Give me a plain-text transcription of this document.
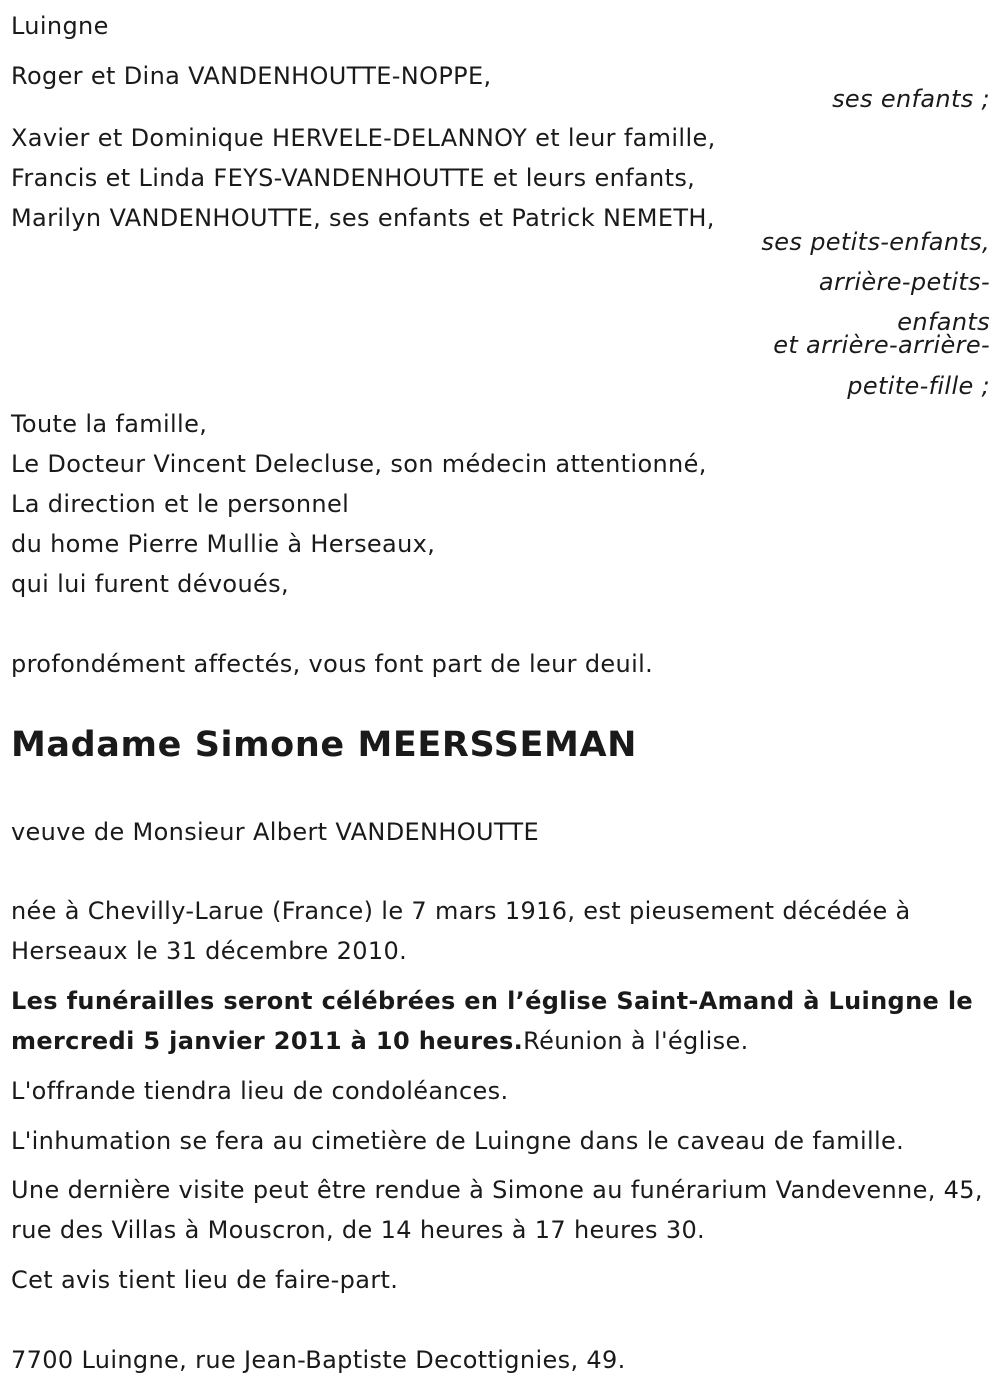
Luingne
Roger et Dina VANDENHOUTTE-NOPPE,
ses enfants ;
Xavier et Dominique HERVELE-DELANNOY et leur famille,
Francis et Linda FEYS-VANDENHOUTTE et leurs enfants,
Marilyn VANDENHOUTTE, ses enfants et Patrick NEMETH,
ses petits-enfants,
arrière-petits-
enfants
et arrière-arrière-
petite-fille ;
Toute la famille,
Le Docteur Vincent Delecluse, son médecin attentionné,
La direction et le personnel
du home Pierre Mullie à Herseaux,
qui lui furent dévoués,
profondément affectés, vous font part de leur deuil.
Madame Simone MEERSSEMAN
veuve de Monsieur Albert VANDENHOUTTE
née à Chevilly-Larue (France) le 7 mars 1916, est pieusement décédée à Herseaux le 31 décembre 2010.
Les funérailles seront célébrées en l’église Saint-Amand à Luingne le mercredi 5 janvier 2011 à 10 heures.Réunion à l'église.
L'offrande tiendra lieu de condoléances.
L'inhumation se fera au cimetière de Luingne dans le caveau de famille.
Une dernière visite peut être rendue à Simone au funérarium Vandevenne, 45, rue des Villas à Mouscron, de 14 heures à 17 heures 30.
Cet avis tient lieu de faire-part.
7700 Luingne, rue Jean-Baptiste Decottignies, 49.
